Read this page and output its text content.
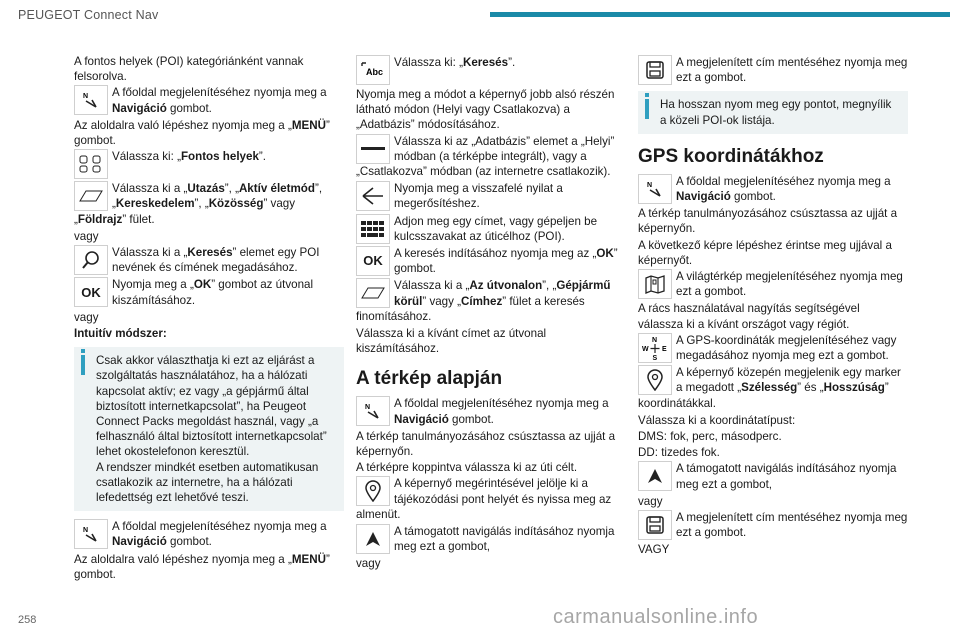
PEUGEOT Connect Nav

A fontos helyek (POI) kategóriánként vannak felsorolva.

N A főoldal megjelenítéséhez nyomja meg a Navigáció gombot.

Az aloldalra való lépéshez nyomja meg a „MENÜ” gombot.

Válassza ki: „Fontos helyek”.
Válassza ki a „Utazás”, „Aktív életmód”, „Kereskedelem”, „Közösség” vagy „Földrajz” fület.

vagy

Válassza ki a „Keresés” elemet egy POI nevének és címének megadásához.
OK Nyomja meg a „OK” gombot az útvonal kiszámításához.

vagy

Intuitív módszer:

Csak akkor választhatja ki ezt az eljárást a szolgáltatás használatához, ha a hálózati kapcsolat aktív; ez vagy „a gépjármű által biztosított internetkapcsolat”, ha Peugeot Connect Packs megoldást használ, vagy „a felhasználó által biztosított internetkapcsolat” lehet okostelefonon keresztül.
A rendszer mindkét esetben automatikusan csatlakozik az internetre, ha a hálózati lefedettség ezt lehetővé teszi.
N A főoldal megjelenítéséhez nyomja meg a Navigáció gombot.

Az aloldalra való lépéshez nyomja meg a „MENÜ” gombot.

Abc
Válassza ki: „Keresés”.

Nyomja meg a módot a képernyő jobb alsó részén látható módon (Helyi vagy Csatlakozva) a „Adatbázis” módosításához.

Válassza ki az „Adatbázis” elemet a „Helyi” módban (a térképbe integrált), vagy a „Csatlakozva” módban (az internetre csatlakozik).
Nyomja meg a visszafelé nyilat a megerősítéshez.
Adjon meg egy címet, vagy gépeljen be kulcsszavakat az úticélhoz (POI).
OK A keresés indításához nyomja meg az „OK” gombot.
Válassza ki a „Az útvonalon”, „Gépjármű körül” vagy „Címhez” fület a keresés finomításához.

Válassza ki a kívánt címet az útvonal kiszámításához.

A térkép alapján
N A főoldal megjelenítéséhez nyomja meg a Navigáció gombot.

A térkép tanulmányozásához csúsztassa az ujját a képernyőn.

A térképre koppintva válassza ki az úti célt.

A képernyő megérintésével jelölje ki a tájékozódási pont helyét és nyissa meg az almenüt.
A támogatott navigálás indításához nyomja meg ezt a gombot,

vagy

A megjelenített cím mentéséhez nyomja meg ezt a gombot.
Ha hosszan nyom meg egy pontot, megnyílik a közeli POI-ok listája.
GPS koordinátákhoz
N A főoldal megjelenítéséhez nyomja meg a Navigáció gombot.

A térkép tanulmányozásához csúsztassa az ujját a képernyőn.

A következő képre lépéshez érintse meg ujjával a képernyőt.

A világtérkép megjelenítéséhez nyomja meg ezt a gombot.

A rács használatával nagyítás segítségével válassza ki a kívánt országot vagy régiót.

N
S
W E
A GPS-koordináták megjelenítéséhez vagy megadásához nyomja meg ezt a gombot.
A képernyő közepén megjelenik egy marker a megadott „Szélesség” és „Hosszúság” koordinátákkal.

Válassza ki a koordinátatípust:

DMS: fok, perc, másodperc.

DD: tizedes fok.

A támogatott navigálás indításához nyomja meg ezt a gombot,

vagy

A megjelenített cím mentéséhez nyomja meg ezt a gombot.

VAGY

258	carmanualsonline.info
